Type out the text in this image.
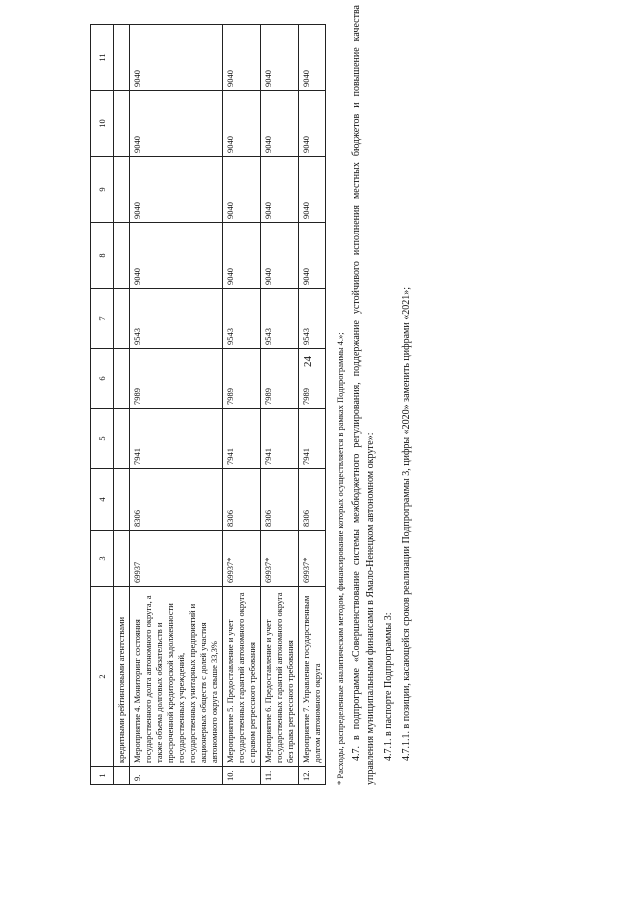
24
1	2	3	4	5	6	7	8	9	10	11
	кредитными рейтинговыми агентствами									
9.	Мероприятие 4. Мониторинг состояния государственного долга автономного округа, а также объема долговых обязательств и просроченной кредиторской задолженности государственных учреждений, государственных унитарных предприятий и акционерных обществ с долей участия автономного округа свыше 33,3%	69937	8306	7941	7989	9543	9040	9040	9040	9040
10.	Мероприятие 5. Предоставление и учет государственных гарантий автономного округа с правом регрессного требования	69937*	8306	7941	7989	9543	9040	9040	9040	9040
11.	Мероприятие 6. Предоставление и учет государственных гарантий автономного округа без права регрессного требования	69937*	8306	7941	7989	9543	9040	9040	9040	9040
12.	Мероприятие 7. Управление государственным долгом автономного округа	69937*	8306	7941	7989	9543	9040	9040	9040	9040

* Расходы, распределенные аналитическим методом, финансирование которых осуществляется в рамках Подпрограммы 4.»; 4.7. в подпрограмме «Совершенствование системы межбюджетного регулирования, поддержание устойчивого исполнения местных бюджетов и повышение качества управления муниципальными финансами в Ямало-Ненецком автономном округе»: 4.7.1. в паспорте Подпрограммы 3: 4.7.1.1. в позиции, касающейся сроков реализации Подпрограммы 3, цифры «2020» заменить цифрами «2021»;
